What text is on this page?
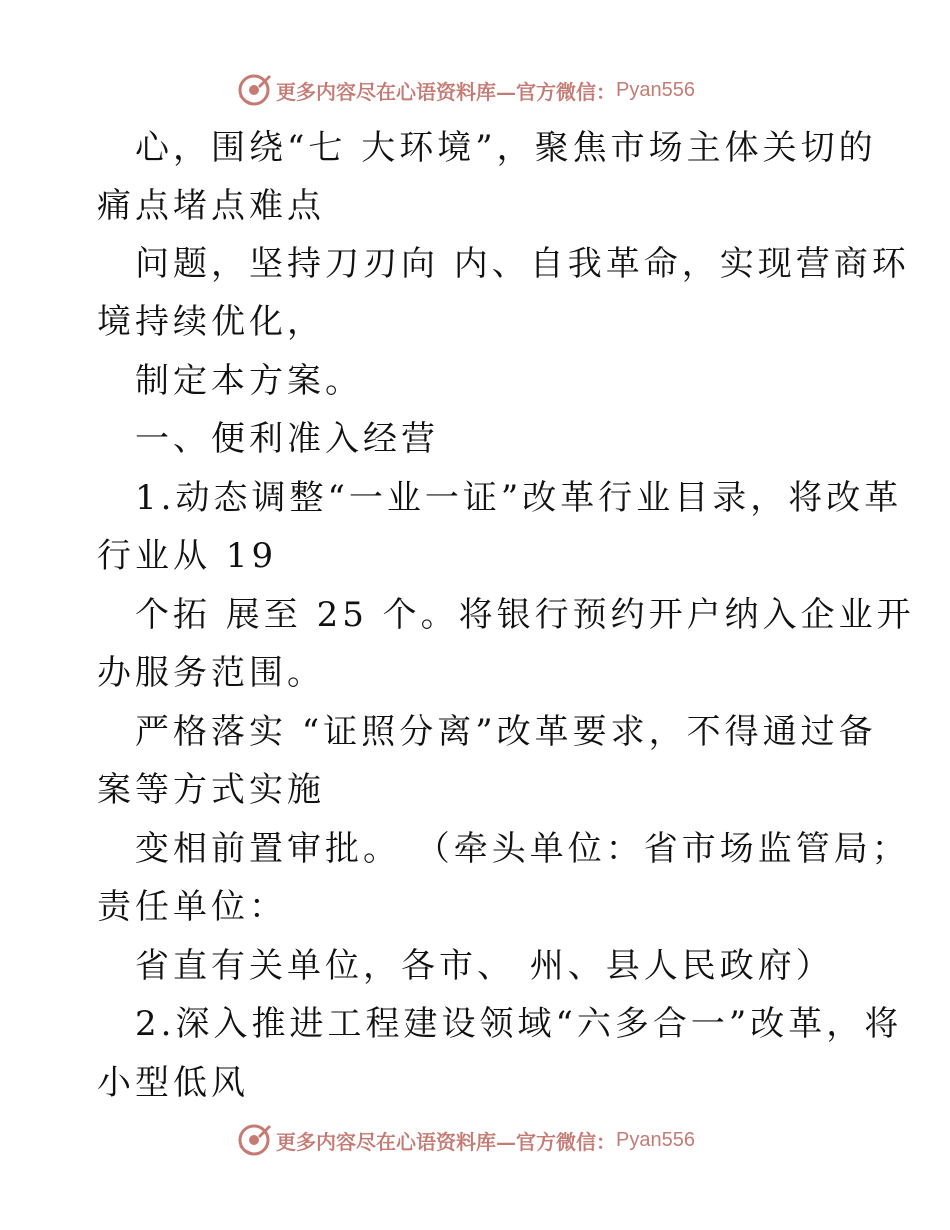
更多内容尽在心语资料库—官方微信： Pyan556
心，围绕“七 大环境”，聚焦市场主体关切的
痛点堵点难点
问题，坚持刀刃向 内、自我革命，实现营商环
境持续优化，
制定本方案。
一、便利准入经营
1.动态调整“一业一证”改革行业目录，将改革
行业从 19
个拓 展至 25 个。将银行预约开户纳入企业开
办服务范围。
严格落实 “证照分离”改革要求，不得通过备
案等方式实施
变相前置审批。 （牵头单位：省市场监管局；
责任单位：
省直有关单位，各市、 州、县人民政府）
2.深入推进工程建设领域“六多合一”改革，将
小型低风
更多内容尽在心语资料库—官方微信： Pyan556
